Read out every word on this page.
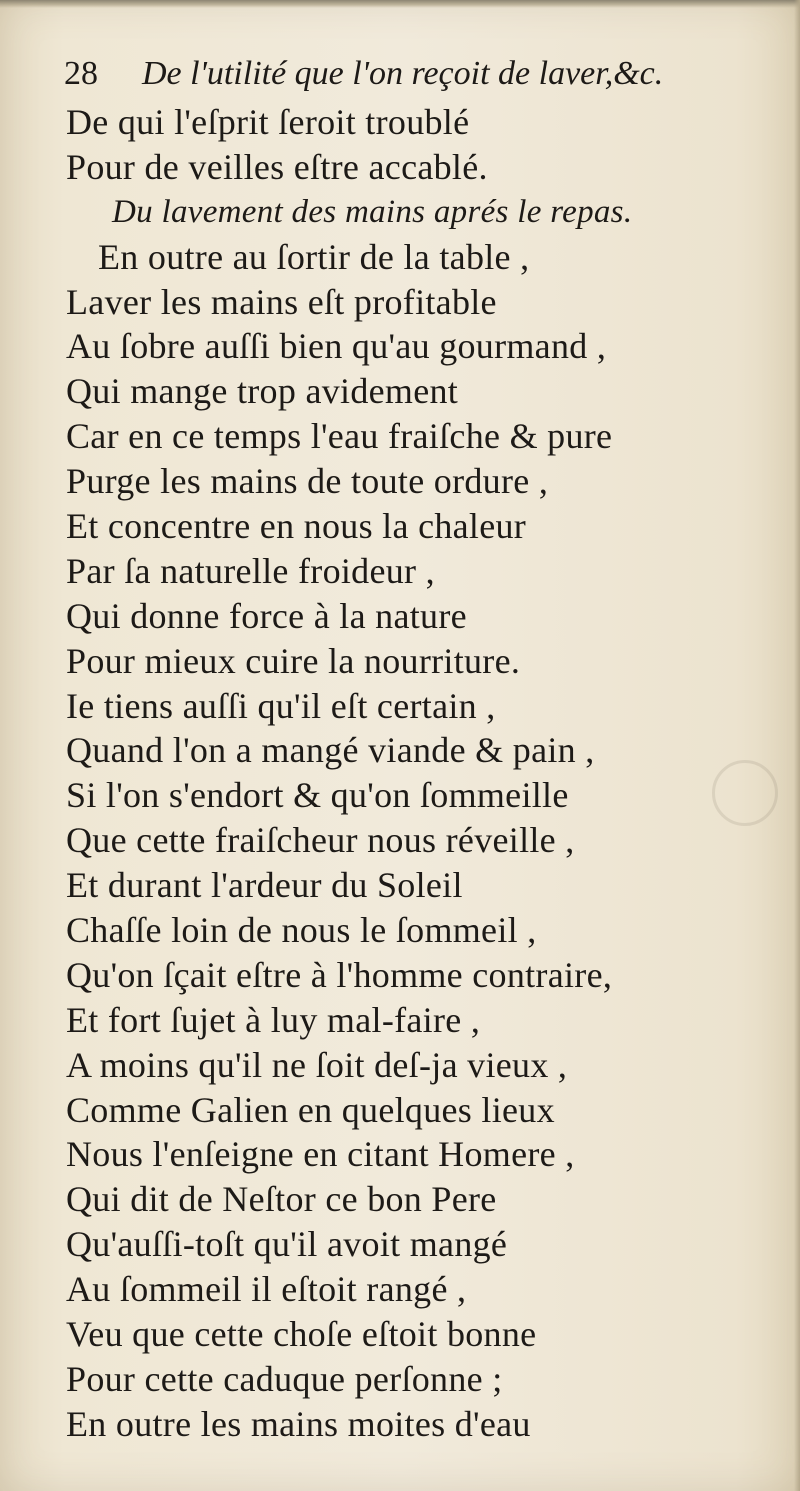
28 De l'utilité que l'on reçoit de laver,&c.
De qui l'eſprit ſeroit troublé
Pour de veilles eſtre accablé.
Du lavement des mains aprés le repas.
En outre au ſortir de la table ,
Laver les mains eſt profitable
Au ſobre auſſi bien qu'au gourmand ,
Qui mange trop avidement
Car en ce temps l'eau fraiſche & pure
Purge les mains de toute ordure ,
Et concentre en nous la chaleur
Par ſa naturelle froideur ,
Qui donne force à la nature
Pour mieux cuire la nourriture.
Ie tiens auſſi qu'il eſt certain ,
Quand l'on a mangé viande & pain ,
Si l'on s'endort & qu'on ſommeille
Que cette fraiſcheur nous réveille ,
Et durant l'ardeur du Soleil
Chaſſe loin de nous le ſommeil ,
Qu'on ſçait eſtre à l'homme contraire,
Et fort ſujet à luy mal-faire ,
A moins qu'il ne ſoit deſ-ja vieux ,
Comme Galien en quelques lieux
Nous l'enſeigne en citant Homere ,
Qui dit de Neſtor ce bon Pere
Qu'auſſi-toſt qu'il avoit mangé
Au ſommeil il eſtoit rangé ,
Veu que cette choſe eſtoit bonne
Pour cette caduque perſonne ;
En outre les mains moites d'eau
